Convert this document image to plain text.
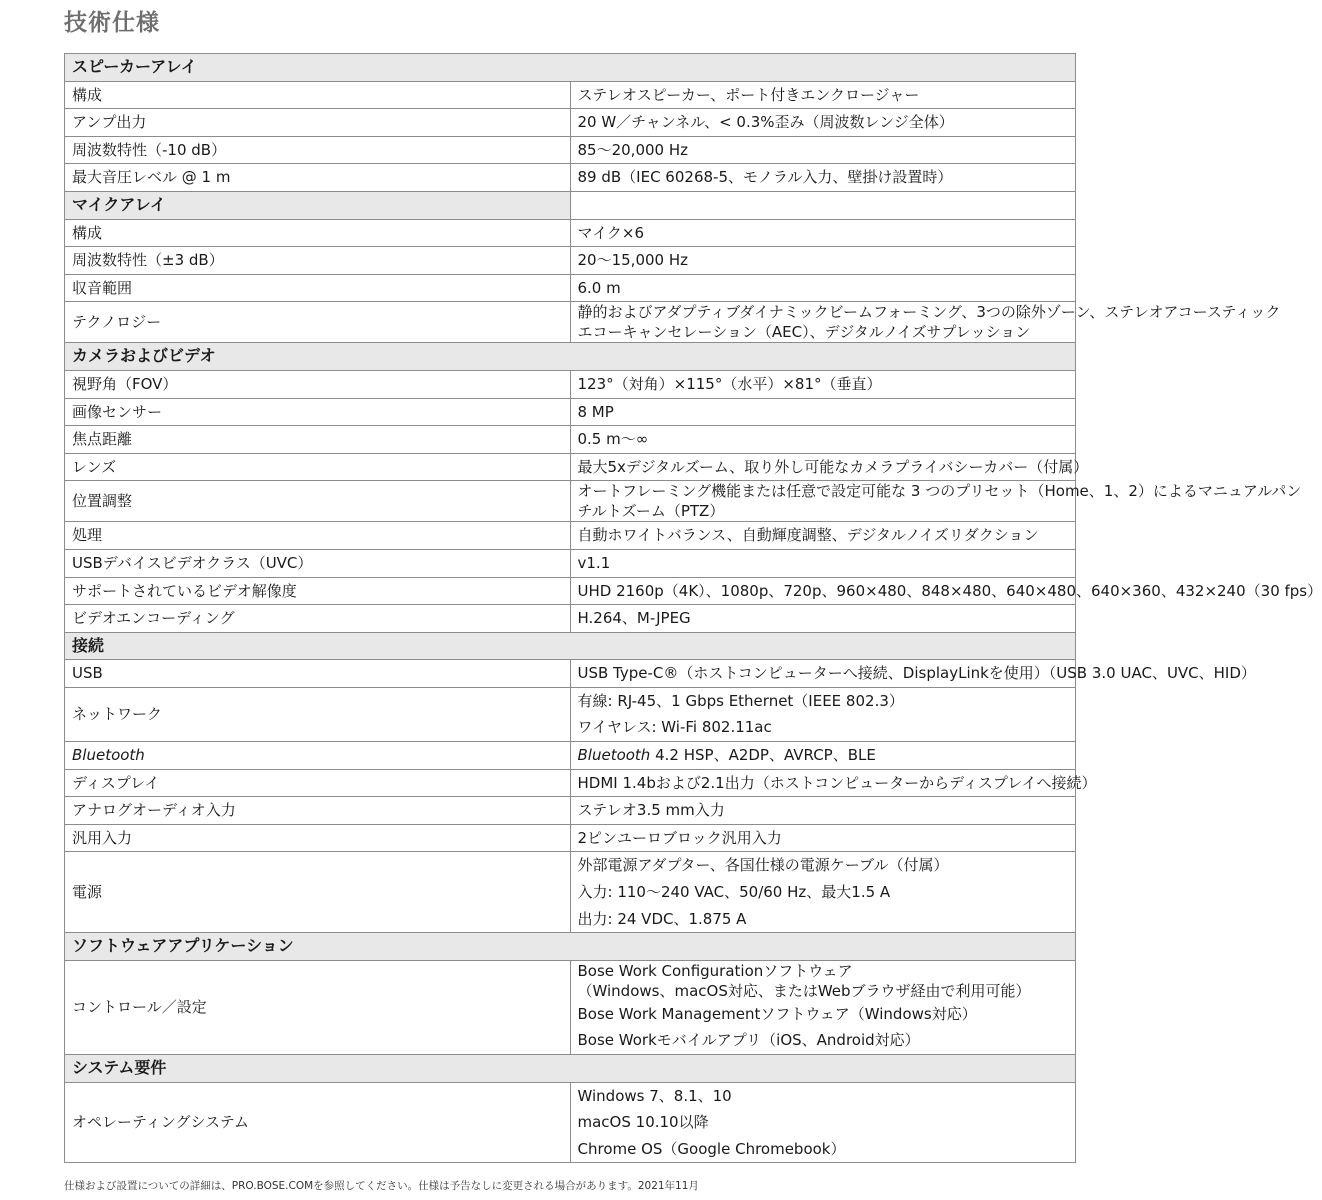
技術仕様
スピーカーアレイ	
構成	ステレオスピーカー、ポート付きエンクロージャー

アンプ出力	20 W／チャンネル、< 0.3%歪み（周波数レンジ全体）

周波数特性（-10 dB）	85～20,000 Hz

最大音圧レベル @ 1 m	89 dB（IEC 60268-5、モノラル入力、壁掛け設置時）

マイクアレイ	
構成	マイク×6

周波数特性（±3 dB）	20～15,000 Hz

収音範囲	6.0 m

テクノロジー	静的およびアダプティブダイナミックビームフォーミング、3つの除外ゾーン、ステレオアコースティック
エコーキャンセレーション（AEC）、デジタルノイズサプレッション

カメラおよびビデオ	
視野角（FOV）	123°（対角）×115°（水平）×81°（垂直）

画像センサー	8 MP

焦点距離	0.5 m～∞

レンズ	最大5xデジタルズーム、取り外し可能なカメラプライバシーカバー（付属）

位置調整	オートフレーミング機能または任意で設定可能な 3 つのプリセット（Home、1、2）によるマニュアルパン
チルトズーム（PTZ）

処理	自動ホワイトバランス、自動輝度調整、デジタルノイズリダクション

USBデバイスビデオクラス（UVC）	v1.1

サポートされているビデオ解像度	UHD 2160p（4K）、1080p、720p、960×480、848×480、640×480、640×360、432×240（30 fps）

ビデオエンコーディング	H.264、M-JPEG

接続	
USB	USB Type-C®（ホストコンピューターへ接続、DisplayLinkを使用）（USB 3.0 UAC、UVC、HID）

ネットワーク	有線: RJ-45、1 Gbps Ethernet（IEEE 802.3）
ワイヤレス: Wi-Fi 802.11ac

Bluetooth	Bluetooth 4.2 HSP、A2DP、AVRCP、BLE

ディスプレイ	HDMI 1.4bおよび2.1出力（ホストコンピューターからディスプレイへ接続）

アナログオーディオ入力	ステレオ3.5 mm入力

汎用入力	2ピンユーロブロック汎用入力

電源	外部電源アダプター、各国仕様の電源ケーブル（付属）
入力: 110～240 VAC、50/60 Hz、最大1.5 A
出力: 24 VDC、1.875 A

ソフトウェアアプリケーション	
コントロール／設定	Bose Work Configurationソフトウェア
（Windows、macOS対応、またはWebブラウザ経由で利用可能）
Bose Work Managementソフトウェア（Windows対応）
Bose Workモバイルアプリ（iOS、Android対応）

システム要件	
オペレーティングシステム	Windows 7、8.1、10
macOS 10.10以降
Chrome OS（Google Chromebook）
仕様および設置についての詳細は、PRO.BOSE.COMを参照してください。仕様は予告なしに変更される場合があります。2021年11月
